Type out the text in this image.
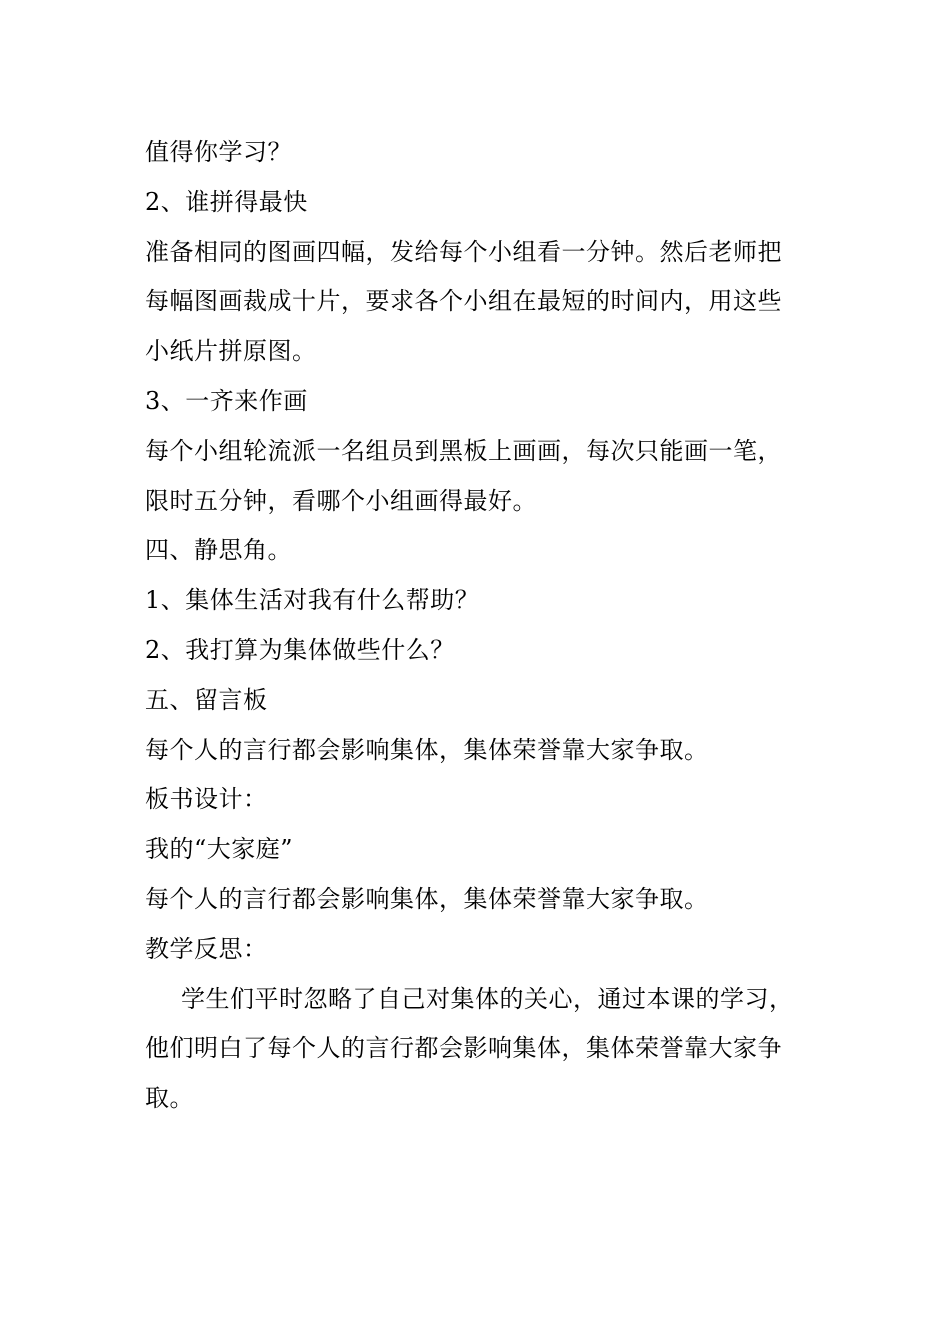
值得你学习？
2、谁拼得最快
准备相同的图画四幅，发给每个小组看一分钟。然后老师把
每幅图画裁成十片，要求各个小组在最短的时间内，用这些
小纸片拼原图。
3、一齐来作画
每个小组轮流派一名组员到黑板上画画，每次只能画一笔，
限时五分钟，看哪个小组画得最好。
四、静思角。
1、集体生活对我有什么帮助？
2、我打算为集体做些什么？
五、留言板
每个人的言行都会影响集体，集体荣誉靠大家争取。
板书设计：
我的“大家庭”
每个人的言行都会影响集体，集体荣誉靠大家争取。
教学反思：
学生们平时忽略了自己对集体的关心，通过本课的学习，
他们明白了每个人的言行都会影响集体，集体荣誉靠大家争
取。
